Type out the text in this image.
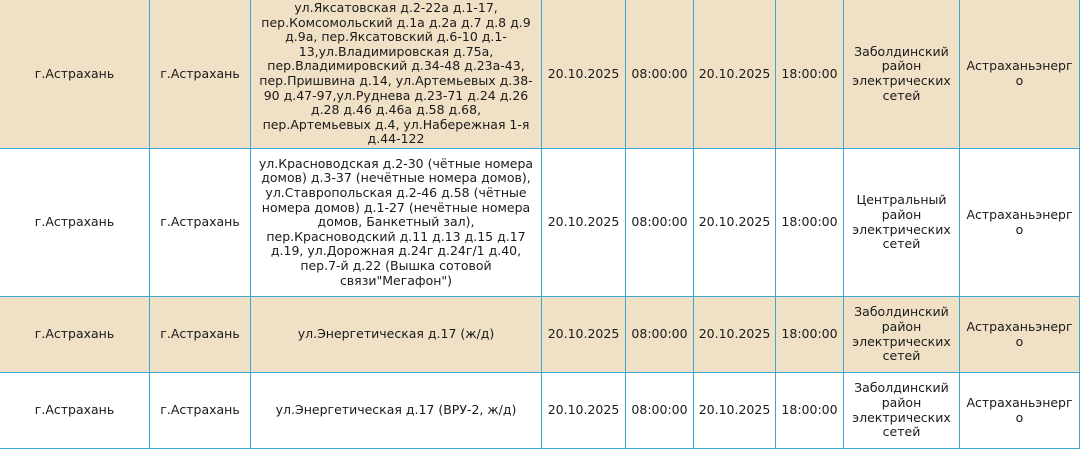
г.Астрахань	г.Астрахань	ул.Яксатовская д.2-22а д.1-17, пер.Комсомольский д.1а д.2а д.7 д.8 д.9 д.9а, пер.Яксатовский д.6-10 д.1-13,ул.Владимировская д.75а, пер.Владимировский д.34-48 д.23а-43, пер.Пришвина д.14, ул.Артемьевых д.38-90 д.47-97,ул.Руднева д.23-71 д.24 д.26 д.28 д.46 д.46а д.58 д.68, пер.Артемьевых д.4, ул.Набережная 1-я д.44-122	20.10.2025	08:00:00	20.10.2025	18:00:00	Заболдинский район электрических сетей	Астраханьэнерго
г.Астрахань	г.Астрахань	ул.Красноводская д.2-30 (чётные номера домов) д.3-37 (нечётные номера домов), ул.Ставропольская д.2-46 д.58 (чётные номера домов) д.1-27 (нечётные номера домов, Банкетный зал), пер.Красноводский д.11 д.13 д.15 д.17 д.19, ул.Дорожная д.24г д.24г/1 д.40, пер.7-й д.22 (Вышка сотовой связи"Мегафон")	20.10.2025	08:00:00	20.10.2025	18:00:00	Центральный район электрических сетей	Астраханьэнерго
г.Астрахань	г.Астрахань	ул.Энергетическая д.17 (ж/д)	20.10.2025	08:00:00	20.10.2025	18:00:00	Заболдинский район электрических сетей	Астраханьэнерго
г.Астрахань	г.Астрахань	ул.Энергетическая д.17 (ВРУ-2, ж/д)	20.10.2025	08:00:00	20.10.2025	18:00:00	Заболдинский район электрических сетей	Астраханьэнерго
